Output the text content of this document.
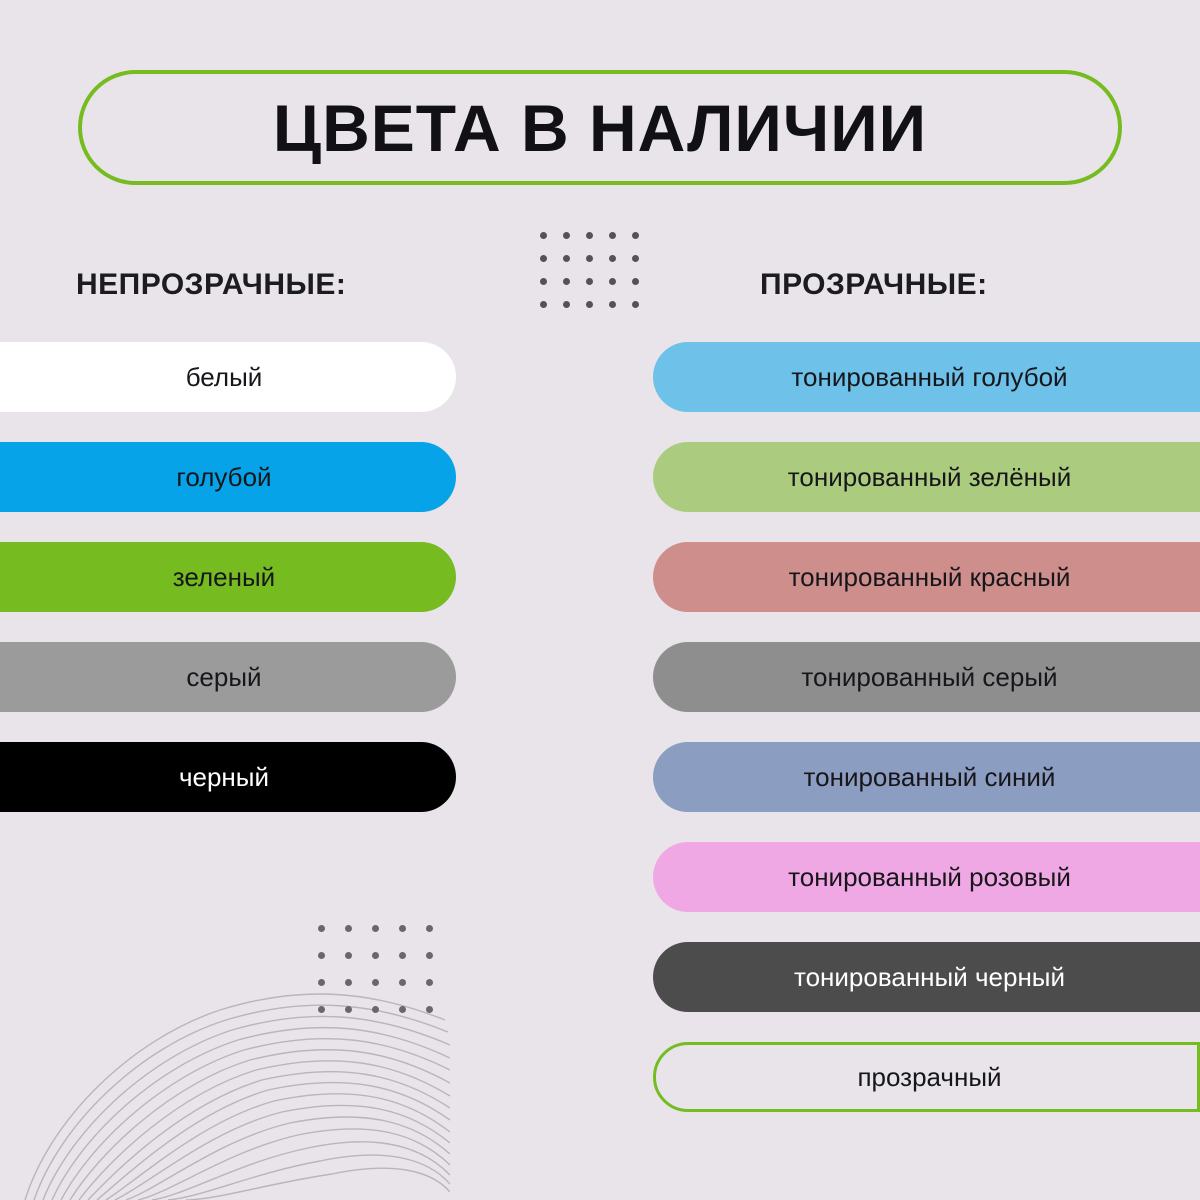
ЦВЕТА В НАЛИЧИИ
НЕПРОЗРАЧНЫЕ:	ПРОЗРАЧНЫЕ:
белый
голубой
зеленый
серый
черный
тонированный голубой
тонированный зелёный
тонированный красный
тонированный серый
тонированный синий
тонированный розовый
тонированный черный
прозрачный
